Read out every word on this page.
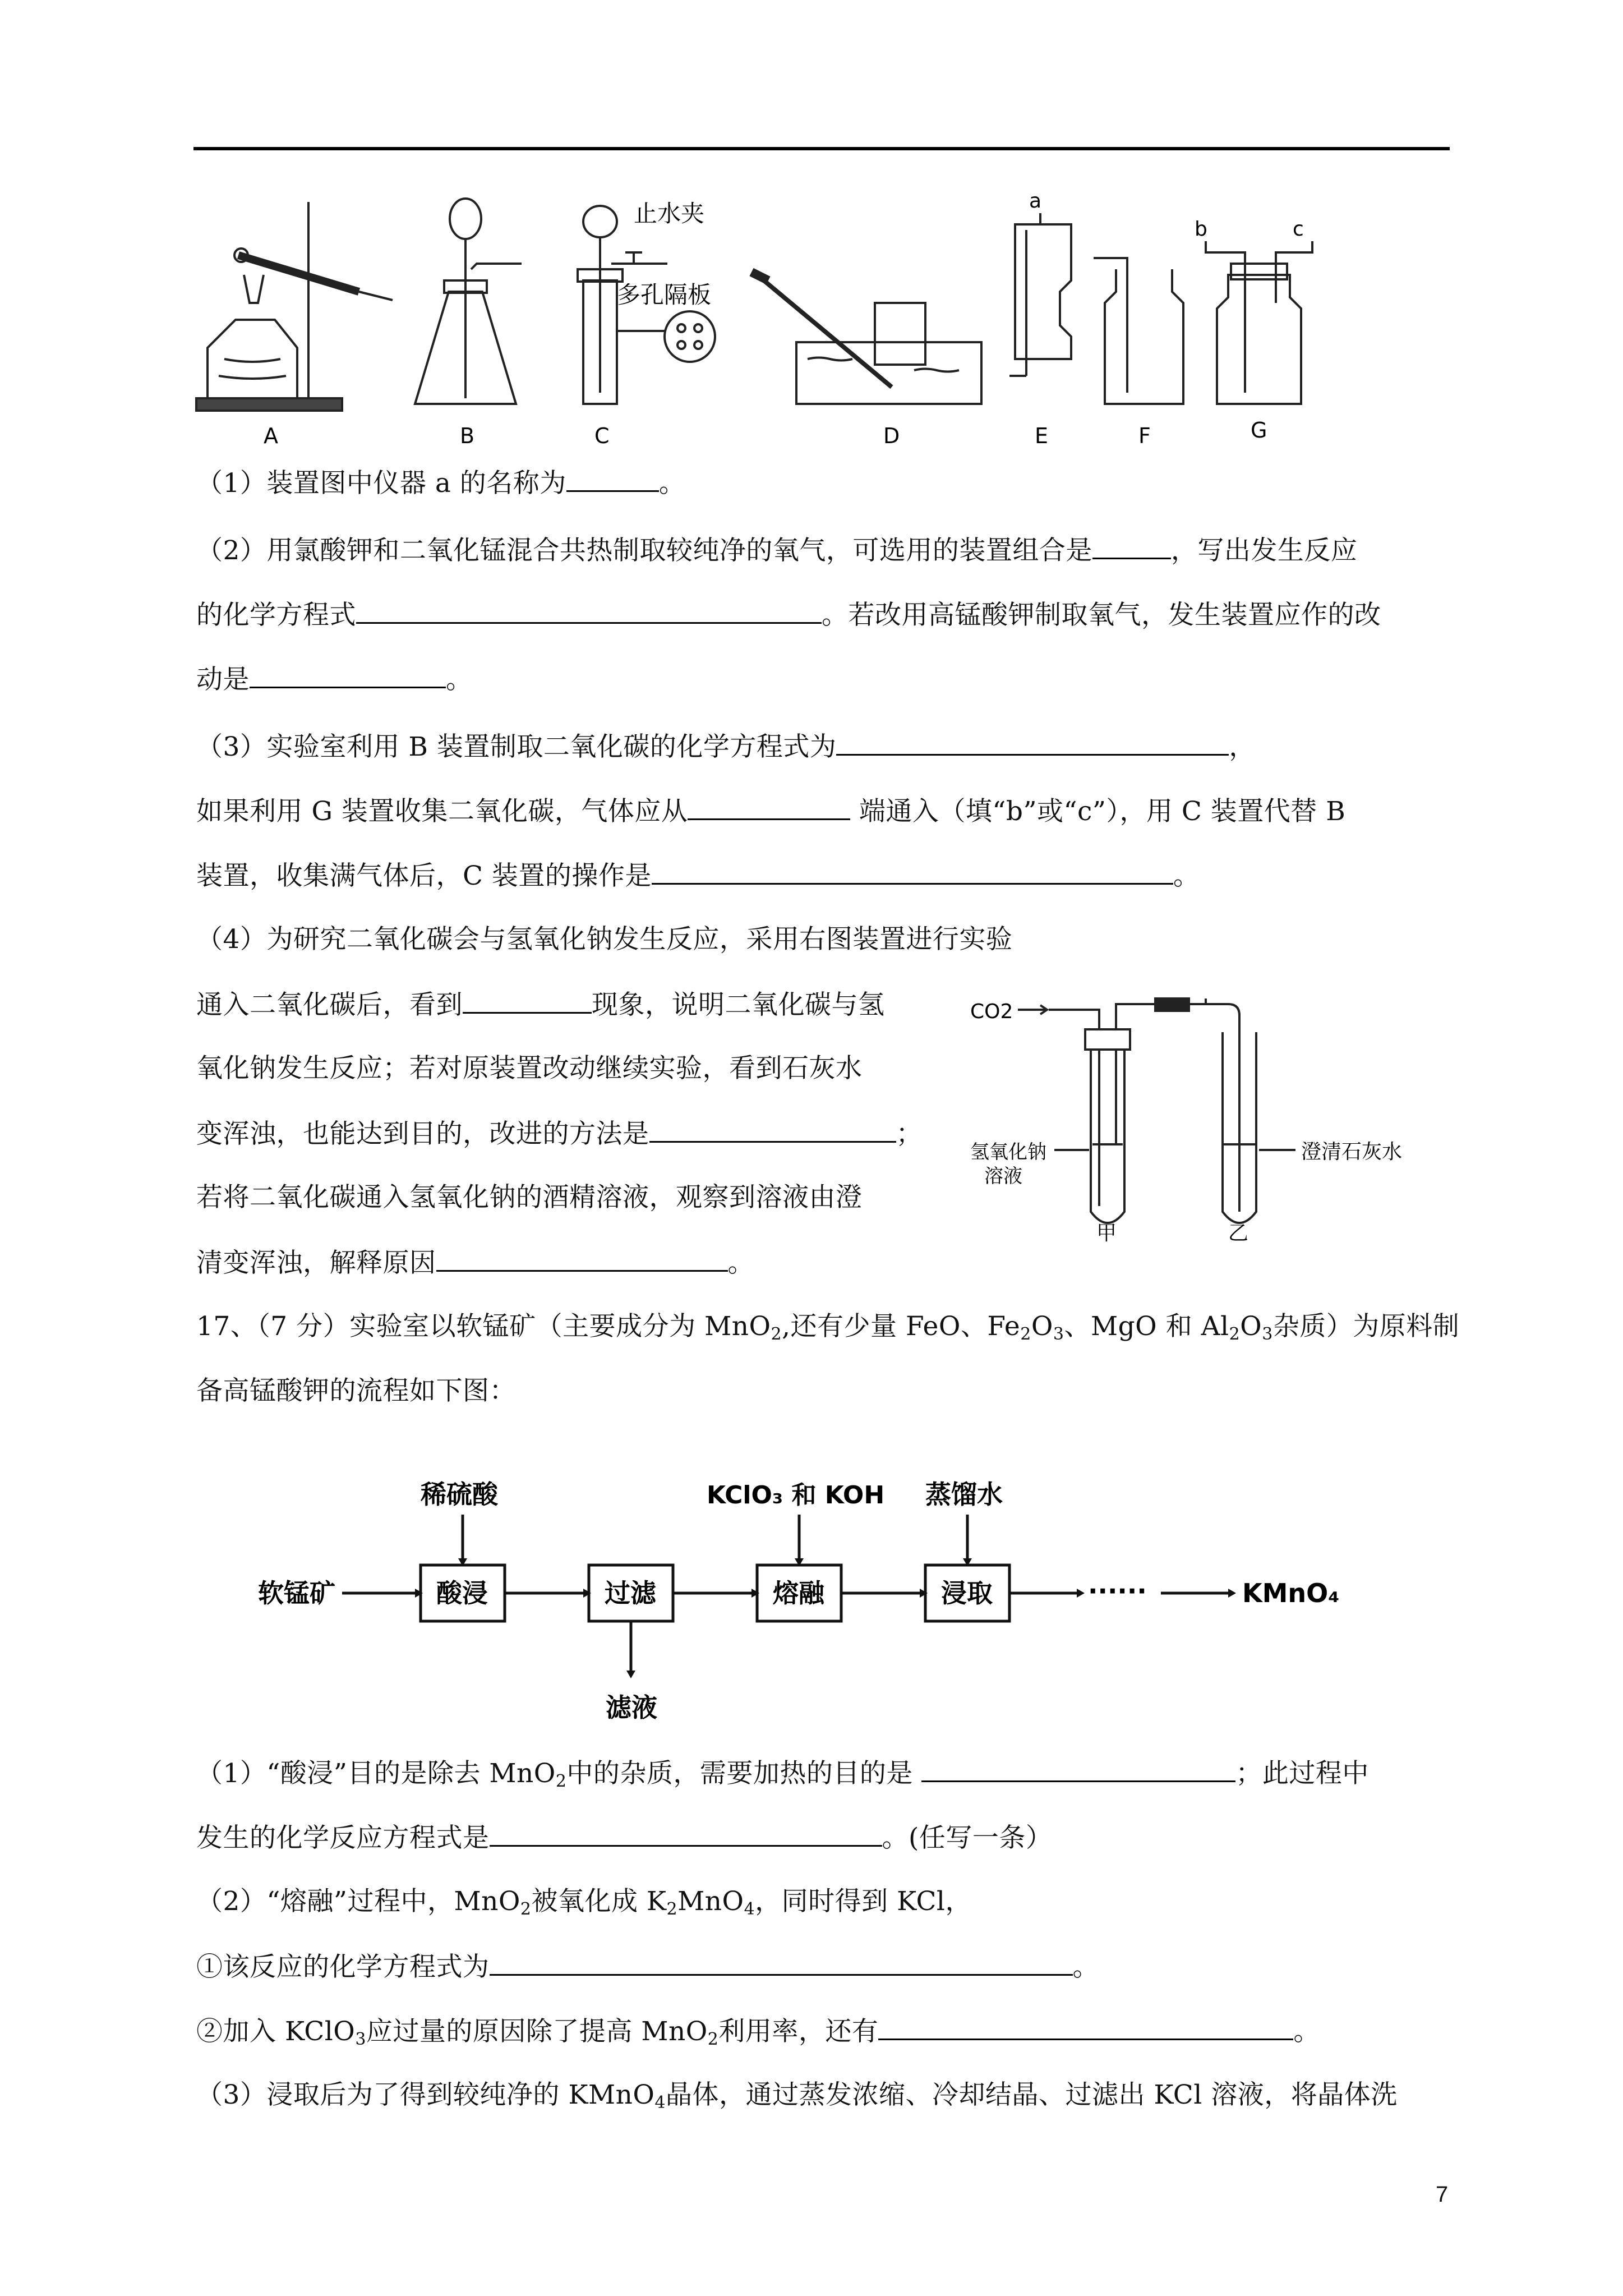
a
b	c
止水夹
多孔隔板
A	B	C	D	E	F	G
（1）装置图中仪器 a 的名称为	。
（2）用氯酸钾和二氧化锰混合共热制取较纯净的氧气，可选用的装置组合是	，写出发生反应
的化学方程式	。若改用高锰酸钾制取氧气，发生装置应作的改
动是	。
（3）实验室利用 B 装置制取二氧化碳的化学方程式为	，
如果利用 G 装置收集二氧化碳，气体应从	端通入（填“b”或“c”），用 C 装置代替 B
装置，收集满气体后，C 装置的操作是	。
（4）为研究二氧化碳会与氢氧化钠发生反应，采用右图装置进行实验
通入二氧化碳后，看到	现象，说明二氧化碳与氢
氧化钠发生反应；若对原装置改动继续实验，看到石灰水
变浑浊，也能达到目的，改进的方法是	；
若将二氧化碳通入氢氧化钠的酒精溶液，观察到溶液由澄
清变浑浊，解释原因	。
CO2
氢氧化钠
溶液
澄清石灰水
甲	乙
17、（7 分）实验室以软锰矿（主要成分为 MnO$_2$,还有少量 FeO、$Fe_2O_3$、MgO 和 $Al_2O_3$杂质）为原料制
备高锰酸钾的流程如下图：
软锰矿
稀硫酸
酸浸	过滤
滤液
KClO₃ 和 KOH
熔融
蒸馏水
浸取	······	KMnO₄
（1）“酸浸”目的是除去 MnO$_2$中的杂质，需要加热的目的是	；此过程中
发生的化学反应方程式是	。(任写一条）
（2）“熔融”过程中，MnO$_2$被氧化成 $K_2MnO_4$，同时得到 KCl，
①该反应的化学方程式为	。
②加入 KClO$_3$应过量的原因除了提高 MnO$_2$利用率，还有	。
（3）浸取后为了得到较纯净的 KMnO$_4$晶体，通过蒸发浓缩、冷却结晶、过滤出 KCl 溶液，将晶体洗
7
